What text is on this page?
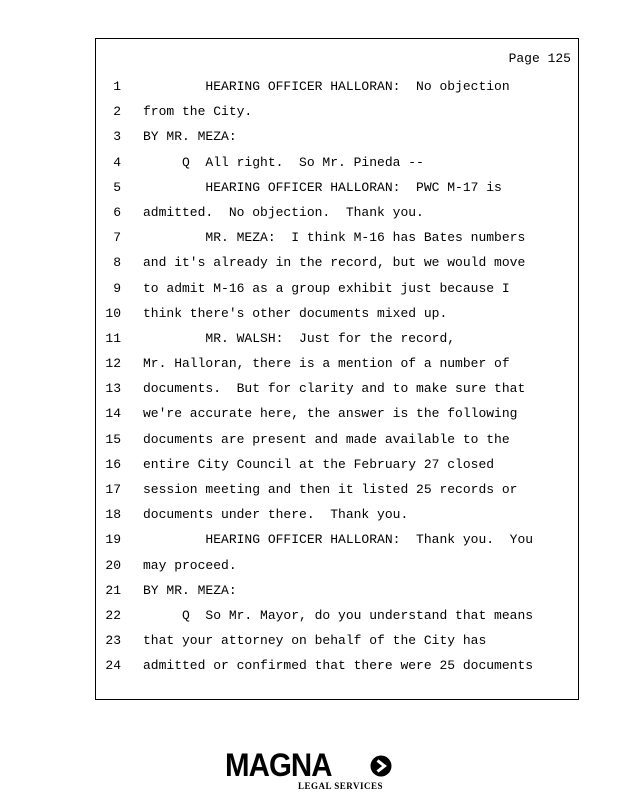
Page 125
1 HEARING OFFICER HALLORAN:  No objection
2 from the City.
3 BY MR. MEZA:
4 Q  All right.  So Mr. Pineda --
5 HEARING OFFICER HALLORAN:  PWC M-17 is
6 admitted.  No objection.  Thank you.
7 MR. MEZA:  I think M-16 has Bates numbers
8 and it's already in the record, but we would move
9 to admit M-16 as a group exhibit just because I
10 think there's other documents mixed up.
11 MR. WALSH:  Just for the record,
12 Mr. Halloran, there is a mention of a number of
13 documents.  But for clarity and to make sure that
14 we're accurate here, the answer is the following
15 documents are present and made available to the
16 entire City Council at the February 27 closed
17 session meeting and then it listed 25 records or
18 documents under there.  Thank you.
19 HEARING OFFICER HALLORAN:  Thank you.  You
20 may proceed.
21 BY MR. MEZA:
22 Q  So Mr. Mayor, do you understand that means
23 that your attorney on behalf of the City has
24 admitted or confirmed that there were 25 documents
MAGNA
LEGAL SERVICES
